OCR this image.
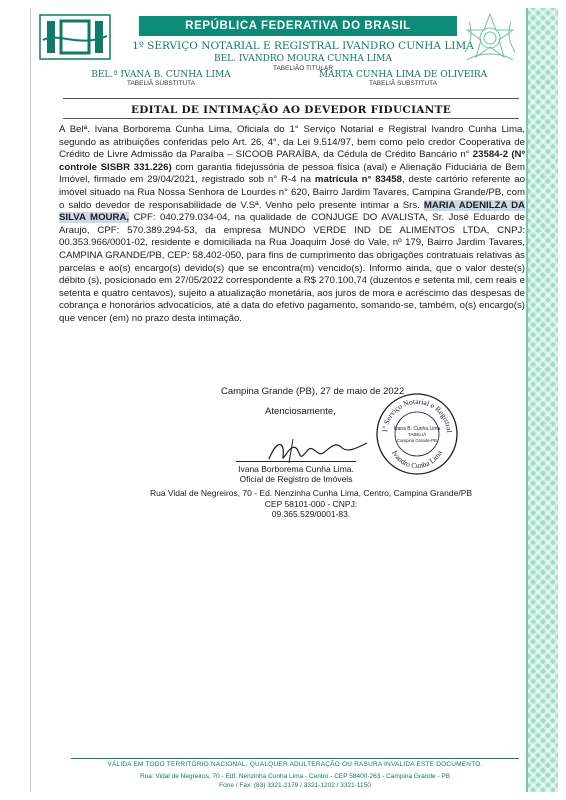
REPÚBLICA FEDERATIVA DO BRASIL
1º SERVIÇO NOTARIAL E REGISTRAL IVANDRO CUNHA LIMA
BEL. IVANDRO MOURA CUNHA LIMA
TABELIÃO TITULAR
BEL.ª IVANA B. CUNHA LIMA
TABELIÃ SUBSTITUTA
MARTA CUNHA LIMA DE OLIVEIRA
TABELIÃ SUBSTITUTA
EDITAL DE INTIMAÇÃO AO DEVEDOR FIDUCIANTE
A Belª. Ivana Borborema Cunha Lima, Oficiala do 1° Serviço Notarial e Registral Ivandro Cunha Lima, segundo as atribuições conferidas pelo Art. 26, 4°, da Lei 9.514/97, bem como pelo credor Cooperativa de Crédito de Livre Admissão da Paraíba – SICOOB PARAÍBA, da Cédula de Crédito Bancário n° 23584-2 (Nº controle SISBR 331.226) com garantia fidejussória de pessoa física (aval) e Alienação Fiduciária de Bem Imóvel, firmado em 29/04/2021, registrado sob n° R-4 na matrícula n° 83458, deste cartório referente ao imóvel situado na Rua Nossa Senhora de Lourdes n° 620, Bairro Jardim Tavares, Campina Grande/PB, com o saldo devedor de responsabilidade de V.Sª. Venho pelo presente intimar a Srs. MARIA ADENILZA DA SILVA MOURA, CPF: 040.279.034-04, na qualidade de CONJUGE DO AVALISTA, Sr. José Eduardo de Araujo, CPF: 570.389.294-53, da empresa MUNDO VERDE IND DE ALIMENTOS LTDA, CNPJ: 00.353.966/0001-02, residente e domiciliada na Rua Joaquim José do Vale, nº 179, Bairro Jardim Tavares, CAMPINA GRANDE/PB, CEP: 58.402-050, para fins de cumprimento das obrigações contratuais relativas às parcelas e ao(s) encargo(s) devido(s) que se encontra(m) vencido(s). Informo ainda, que o valor deste(s) débito (s), posicionado em 27/05/2022 correspondente a R$ 270.100,74 (duzentos e setenta mil, cem reais e setenta e quatro centavos), sujeito a atualização monetária, aos juros de mora e acréscimo das despesas de cobrança e honorários advocatícios, até a data do efetivo pagamento, somando-se, também, o(s) encargo(s) que vencer (em) no prazo desta intimação.
Campina Grande (PB), 27 de maio de 2022
Atenciosamente,
Ivana Borborema Cunha Lima.
Oficial de Registro de Imóveis
1º Serviço Notarial e Registral
Ivandro Cunha Lima
Ivana B. Cunha Lima
TABELIÃ
Campina Grande-PB
Rua Vidal de Negreiros, 70 - Ed. Nenzinha Cunha Lima, Centro, Campina Grande/PB
CEP 58101-000 - CNPJ:
09.365.529/0001-83.
VÁLIDA EM TODO TERRITÓRIO NACIONAL. QUALQUER ADULTERAÇÃO OU RASURA INVALIDA ESTE DOCUMENTO.
Rua: Vidal de Negreiros, 70 - Edf. Nenzinha Cunha Lima - Centro - CEP 58400-263 - Campina Grande - PB
Fone / Fax: (83) 3321-2179 / 3321-1202 / 3321-1150
